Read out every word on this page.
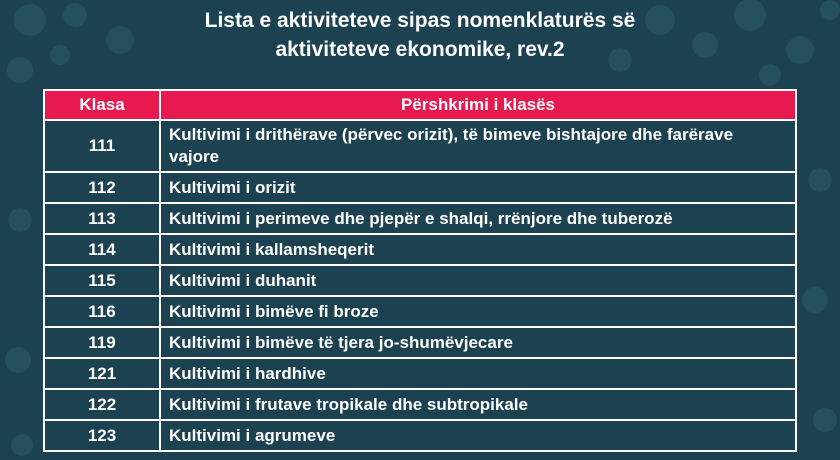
Lista e aktiviteteve sipas nomenklaturës së
aktiviteteve ekonomike, rev.2
Klasa	Përshkrimi i klasës
111	Kultivimi i drithërave (përvec orizit), të bimeve bishtajore dhe farërave vajore
112	Kultivimi i orizit
113	Kultivimi i perimeve dhe pjepër e shalqi, rrënjore dhe tuberozë
114	Kultivimi i kallamsheqerit
115	Kultivimi i duhanit
116	Kultivimi i bimëve fi broze
119	Kultivimi i bimëve të tjera jo-shumëvjecare
121	Kultivimi i hardhive
122	Kultivimi i frutave tropikale dhe subtropikale
123	Kultivimi i agrumeve
